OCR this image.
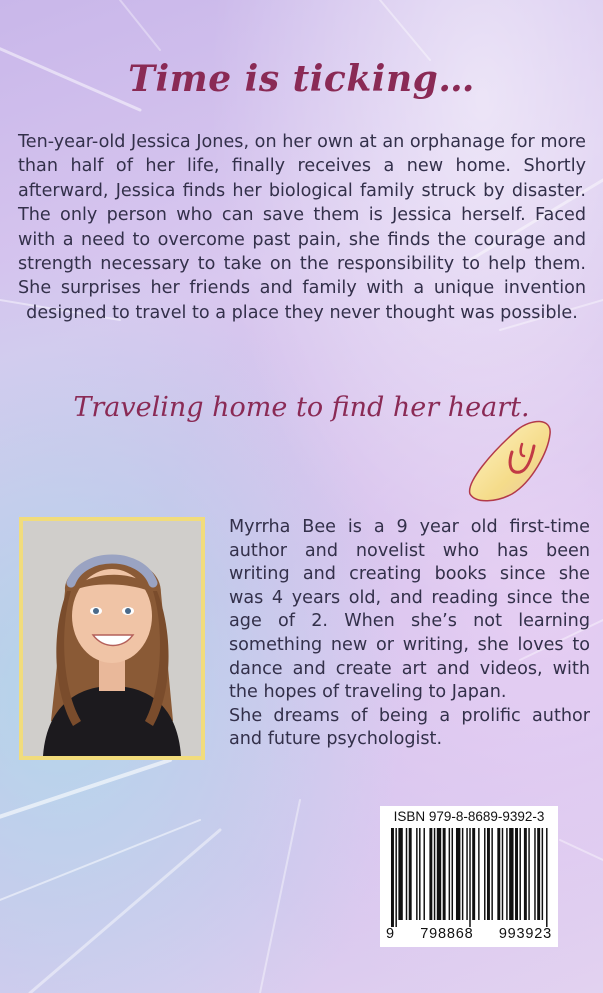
Time is ticking…
Ten-year-old Jessica Jones, on her own at an orphanage for more than half of her life, finally receives a new home. Shortly afterward, Jessica finds her biological family struck by disaster. The only person who can save them is Jessica herself. Faced with a need to overcome past pain, she finds the courage and strength necessary to take on the responsibility to help them. She surprises her friends and family with a unique invention designed to travel to a place they never thought was possible.
Traveling home to find her heart.

Myrrha Bee is a 9 year old first-time author and novelist who has been writing and creating books since she was 4 years old, and reading since the age of 2. When she’s not learning something new or writing, she loves to dance and create art and videos, with the hopes of traveling to Japan.

She dreams of being a prolific author and future psychologist.

ISBN 979-8-8689-9392-3
9 798868 993923
